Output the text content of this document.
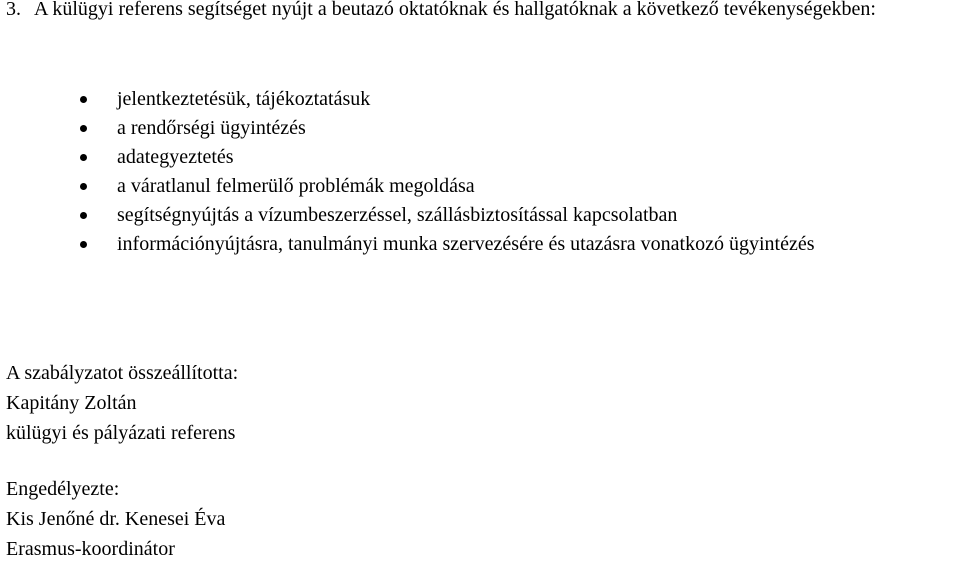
3. A külügyi referens segítséget nyújt a beutazó oktatóknak és hallgatóknak a következő tevékenységekben:

jelentkeztetésük, tájékoztatásuk
a rendőrségi ügyintézés
adategyeztetés
a váratlanul felmerülő problémák megoldása
segítségnyújtás a vízumbeszerzéssel, szállásbiztosítással kapcsolatban
információnyújtásra, tanulmányi munka szervezésére és utazásra vonatkozó ügyintézés
A szabályzatot összeállította:
Kapitány Zoltán
külügyi és pályázati referens
Engedélyezte:
Kis Jenőné dr. Kenesei Éva
Erasmus-koordinátor
